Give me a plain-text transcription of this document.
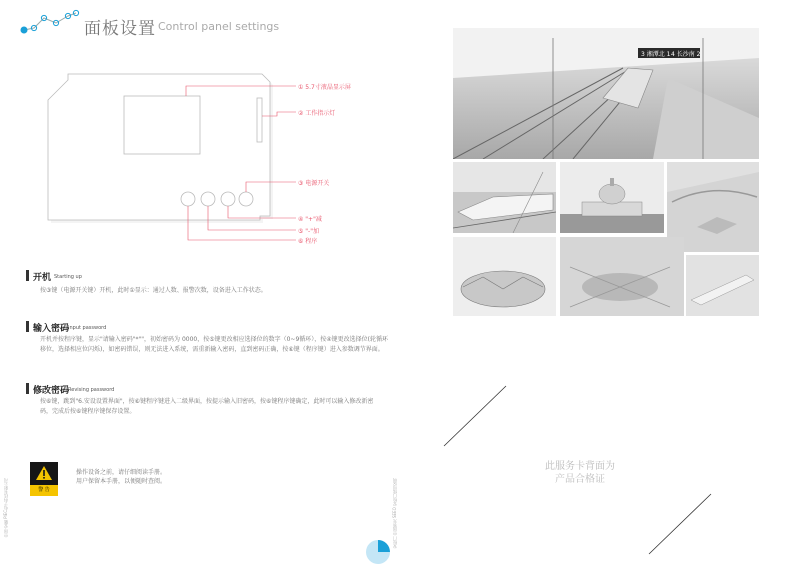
面板设置 Control panel settings
① 5.7寸液晶显示屏
② 工作指示灯
③ 电源开关
④ "+"减
⑤ "-"加
⑥ 程序
开机 Starting up
按③键（电源开关键）开机，此时①显示：通过人数、报警次数，设备进入工作状态。
输入密码
Input password
开机并按程序键，显示"请输入密码"*""，初始密码为 0000，按⑤键更改相应选择位的数字（0~9循环），按④键更改选择位(轮循环移位，选择相应位闪烁)，如密码错误，则无法进入系统，需重新输入密码，直到密码正确，按⑥键（程序键）进入参数调节界面。
修改密码
Revising password
按⑥键，跳到"6.安设设置界面"，按⑥键程序键进入二级界面，按提示输入旧密码，按⑥键程序键确定，此时可以输入修改新密码，完成后按⑥键程序键保存设置。
警 告
操作设备之前，请仔细阅读手册。
用户保留本手册，以便随时查阅。
中国·安徽 PIEC电子科技有限公司	安检门 中国领先 SEEO 安检门使用说明
3 湘潭北 1 4 长沙南 2
此服务卡背面为
产品合格证
